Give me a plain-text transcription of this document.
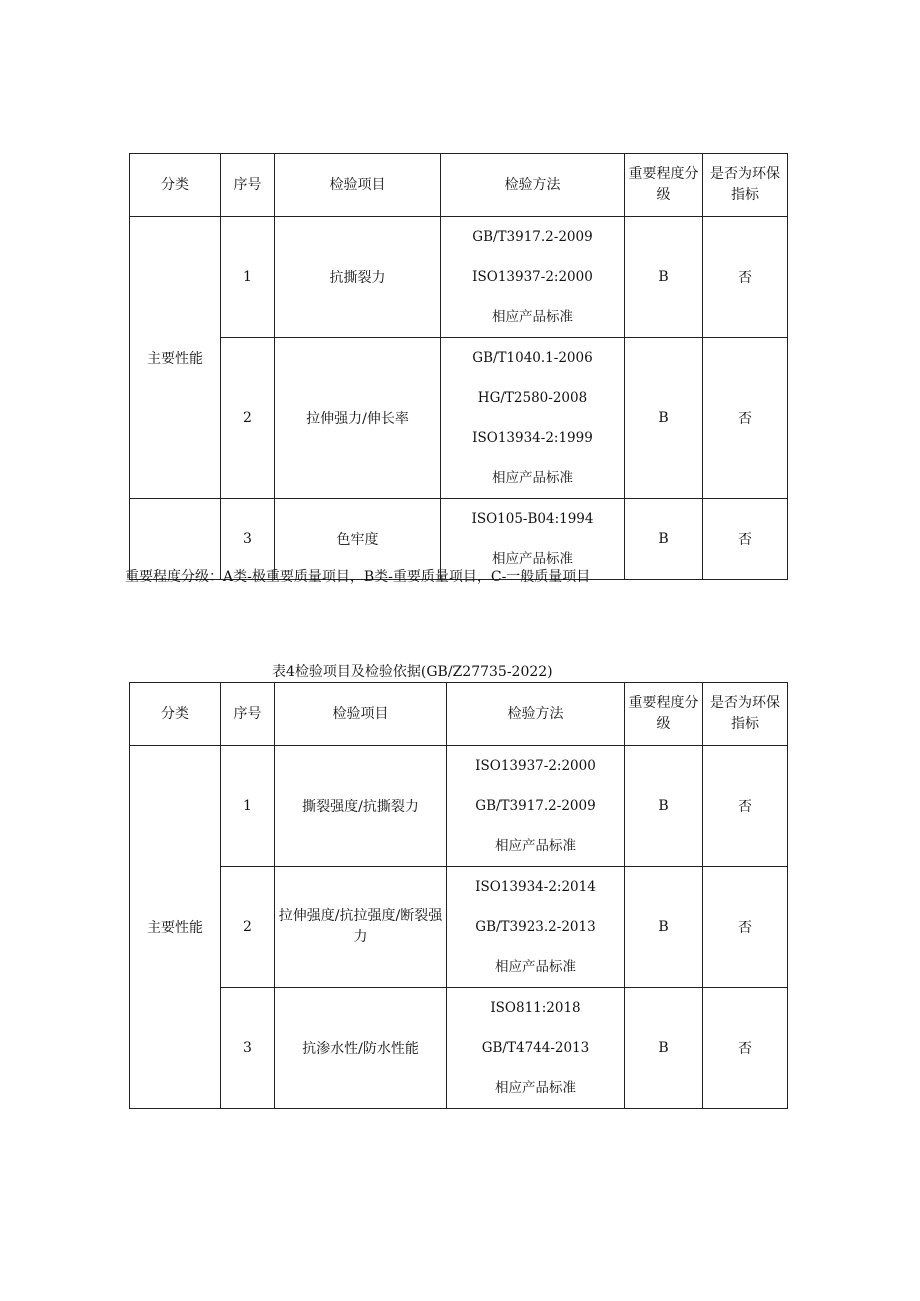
分类	序号	检验项目	检验方法	重要程度分级	是否为环保指标
主要性能	1	抗撕裂力	GB/T3917.2-2009
ISO13937-2:2000
相应产品标准	B	否
	2	拉伸强力/伸长率	GB/T1040.1-2006
HG/T2580-2008
ISO13934-2:1999
相应产品标准	B	否
	3	色牢度	ISO105-B04:1994
相应产品标准	B	否
重要程度分级：A类-极重要质量项目，B类-重要质量项目，C-一般质量项目
表4检验项目及检验依据(GB/Z27735-2022)
分类	序号	检验项目	检验方法	重要程度分级	是否为环保指标
主要性能	1	撕裂强度/抗撕裂力	ISO13937-2:2000
GB/T3917.2-2009
相应产品标准	B	否
	2	拉伸强度/抗拉强度/断裂强力	ISO13934-2:2014
GB/T3923.2-2013
相应产品标准	B	否
	3	抗渗水性/防水性能	ISO811:2018
GB/T4744-2013
相应产品标准	B	否
